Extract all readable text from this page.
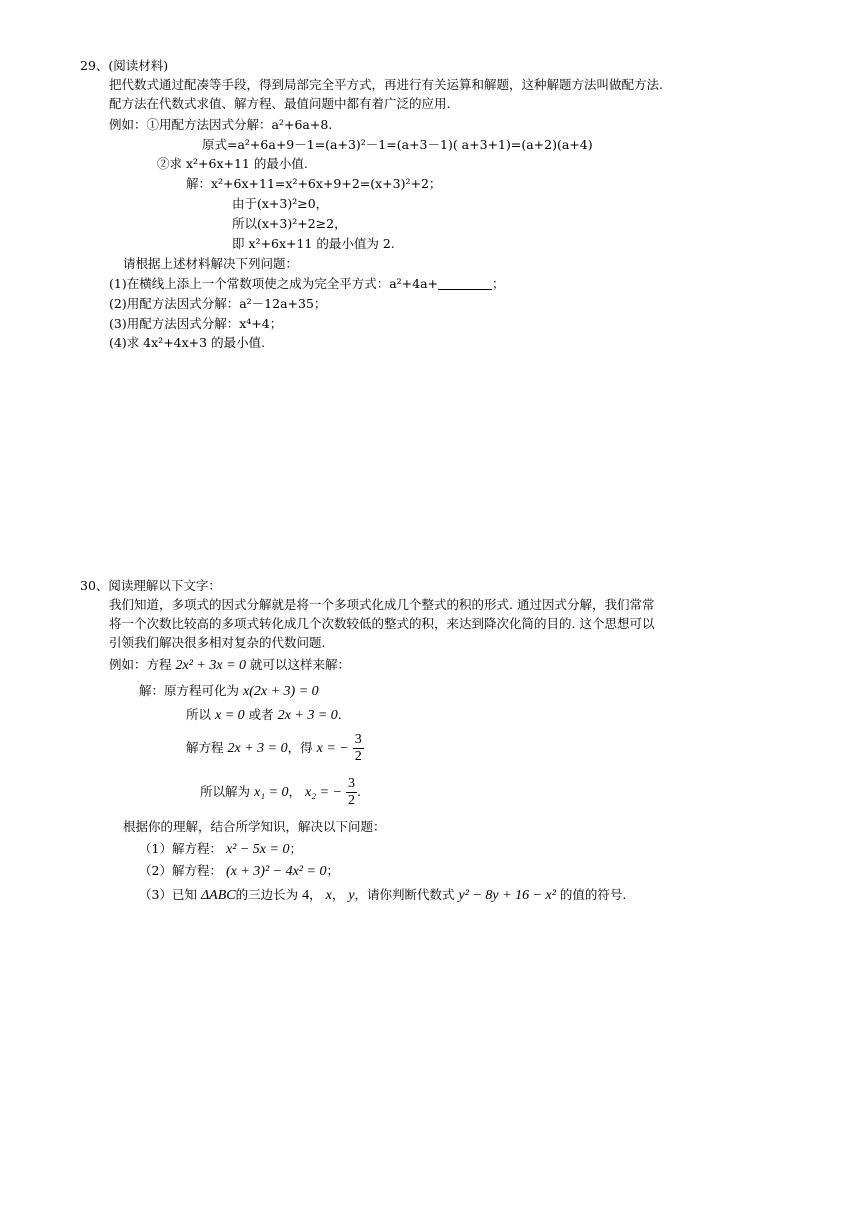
29、(阅读材料)
把代数式通过配凑等手段，得到局部完全平方式，再进行有关运算和解题，这种解题方法叫做配方法.
配方法在代数式求值、解方程、最值问题中都有着广泛的应用.
例如：①用配方法因式分解：a²+6a+8.
原式=a²+6a+9－1=(a+3)²－1=(a+3－1)( a+3+1)=(a+2)(a+4)
②求 x²+6x+11 的最小值.
解：x²+6x+11=x²+6x+9+2=(x+3)²+2；
由于(x+3)²≥0，
所以(x+3)²+2≥2，
即 x²+6x+11 的最小值为 2.
请根据上述材料解决下列问题：
(1)在横线上添上一个常数项使之成为完全平方式：a²+4a+	；
(2)用配方法因式分解：a²－12a+35；
(3)用配方法因式分解：x⁴+4；
(4)求 4x²+4x+3 的最小值.
30、阅读理解以下文字：
我们知道，多项式的因式分解就是将一个多项式化成几个整式的积的形式. 通过因式分解，我们常常
将一个次数比较高的多项式转化成几个次数较低的整式的积，来达到降次化简的目的. 这个思想可以
引领我们解决很多相对复杂的代数问题.
例如：方程 2x² + 3x = 0 就可以这样来解：
解：原方程可化为 x(2x + 3) = 0
所以 x = 0 或者 2x + 3 = 0.
解方程 2x + 3 = 0，得 x = − $\frac{3}{2}$
所以解为 x₁ = 0， x₂ = − $\frac{3}{2}$ .
根据你的理解，结合所学知识，解决以下问题：
（1）解方程： x² − 5x = 0；
（2）解方程： (x + 3)² − 4x² = 0；
（3）已知 ΔABC的三边长为 4， x， y，请你判断代数式 y² − 8y + 16 − x² 的值的符号.
